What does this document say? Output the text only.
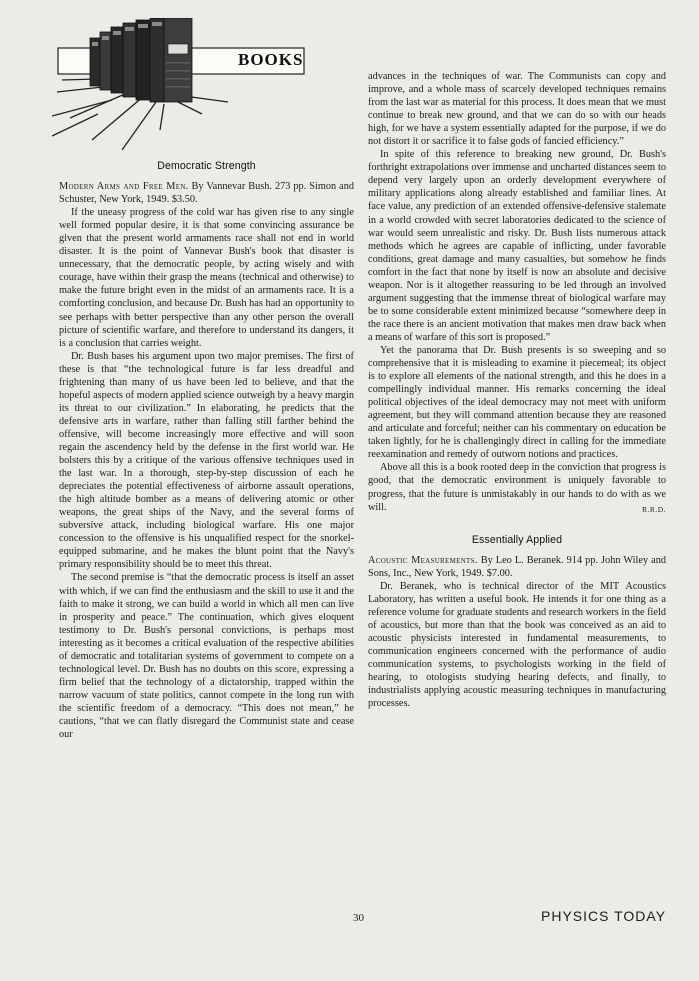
BOOKS
Democratic Strength

Modern Arms and Free Men. By Vannevar Bush. 273 pp. Simon and Schuster, New York, 1949. $3.50.

If the uneasy progress of the cold war has given rise to any single well formed popular desire, it is that some convincing assurance be given that the present world armaments race shall not end in world disaster. It is the point of Vannevar Bush's book that disaster is unnecessary, that the democratic people, by acting wisely and with courage, have within their grasp the means (technical and otherwise) to make the future bright even in the midst of an armaments race. It is a comforting conclusion, and because Dr. Bush has had an opportunity to see perhaps with better perspective than any other person the overall picture of scientific warfare, and therefore to understand its dangers, it is a conclusion that carries weight.

Dr. Bush bases his argument upon two major premises. The first of these is that “the technological future is far less dreadful and frightening than many of us have been led to believe, and that the hopeful aspects of modern applied science outweigh by a heavy margin its threat to our civilization.” In elaborating, he predicts that the defensive arts in warfare, rather than falling still farther behind the offensive, will become increasingly more effective and will soon regain the ascendency held by the defense in the first world war. He bolsters this by a critique of the various offensive techniques used in the last war. In a thorough, step-by-step discussion of each he depreciates the potential effectiveness of airborne assault operations, the high altitude bomber as a means of delivering atomic or other weapons, the great ships of the Navy, and the several forms of subversive attack, including biological warfare. His one major concession to the offensive is his unqualified respect for the snorkel-equipped submarine, and he makes the blunt point that the Navy's primary responsibility should be to meet this threat.

The second premise is “that the democratic process is itself an asset with which, if we can find the enthusiasm and the skill to use it and the faith to make it strong, we can build a world in which all men can live in prosperity and peace.” The continuation, which gives eloquent testimony to Dr. Bush's personal convictions, is perhaps most interesting as it becomes a critical evaluation of the respective abilities of democratic and totalitarian systems of government to compete on a technological level. Dr. Bush has no doubts on this score, expressing a firm belief that the technology of a dictatorship, trapped within the narrow vacuum of state politics, cannot compete in the long run with the scientific freedom of a democracy. “This does not mean,” he cautions, “that we can flatly disregard the Communist state and cease our

advances in the techniques of war. The Communists can copy and improve, and a whole mass of scarcely developed techniques remains from the last war as material for this process. It does mean that we must continue to break new ground, and that we can do so with our heads high, for we have a system essentially adapted for the purpose, if we do not distort it or sacrifice it to false gods of fancied efficiency.”

In spite of this reference to breaking new ground, Dr. Bush's forthright extrapolations over immense and uncharted distances seem to depend very largely upon an orderly development everywhere of military applications along already established and familiar lines. At face value, any prediction of an extended offensive-defensive stalemate in a world crowded with secret laboratories dedicated to the science of war would seem unrealistic and risky. Dr. Bush lists numerous attack methods which he agrees are capable of inflicting, under favorable conditions, great damage and many casualties, but somehow he finds comfort in the fact that none by itself is now an absolute and decisive weapon. Nor is it altogether reassuring to be led through an involved argument suggesting that the immense threat of biological warfare may be to some considerable extent minimized because “somewhere deep in the race there is an ancient motivation that makes men draw back when a means of warfare of this sort is proposed.”

Yet the panorama that Dr. Bush presents is so sweeping and so comprehensive that it is misleading to examine it piecemeal; its object is to explore all elements of the national strength, and this he does in a compellingly individual manner. His remarks concerning the ideal political objectives of the ideal democracy may not meet with uniform agreement, but they will command attention because they are reasoned and articulate and forceful; neither can his commentary on education be taken lightly, for he is challengingly direct in calling for the immediate reexamination and remedy of outworn notions and practices.

Above all this is a book rooted deep in the conviction that progress is good, that the democratic environment is uniquely favorable to progress, that the future is unmistakably in our hands to do with as we will.	R.R.D.

Essentially Applied

Acoustic Measurements. By Leo L. Beranek. 914 pp. John Wiley and Sons, Inc., New York, 1949. $7.00.

Dr. Beranek, who is technical director of the MIT Acoustics Laboratory, has written a useful book. He intends it for one thing as a reference volume for graduate students and research workers in the field of acoustics, but more than that the book was conceived as an aid to acoustic physicists interested in fundamental measurements, to communication engineers concerned with the performance of audio communication systems, to psychologists working in the field of hearing, to otologists studying hearing defects, and finally, to industrialists applying acoustic measuring techniques in manufacturing processes.

30	PHYSICS TODAY
